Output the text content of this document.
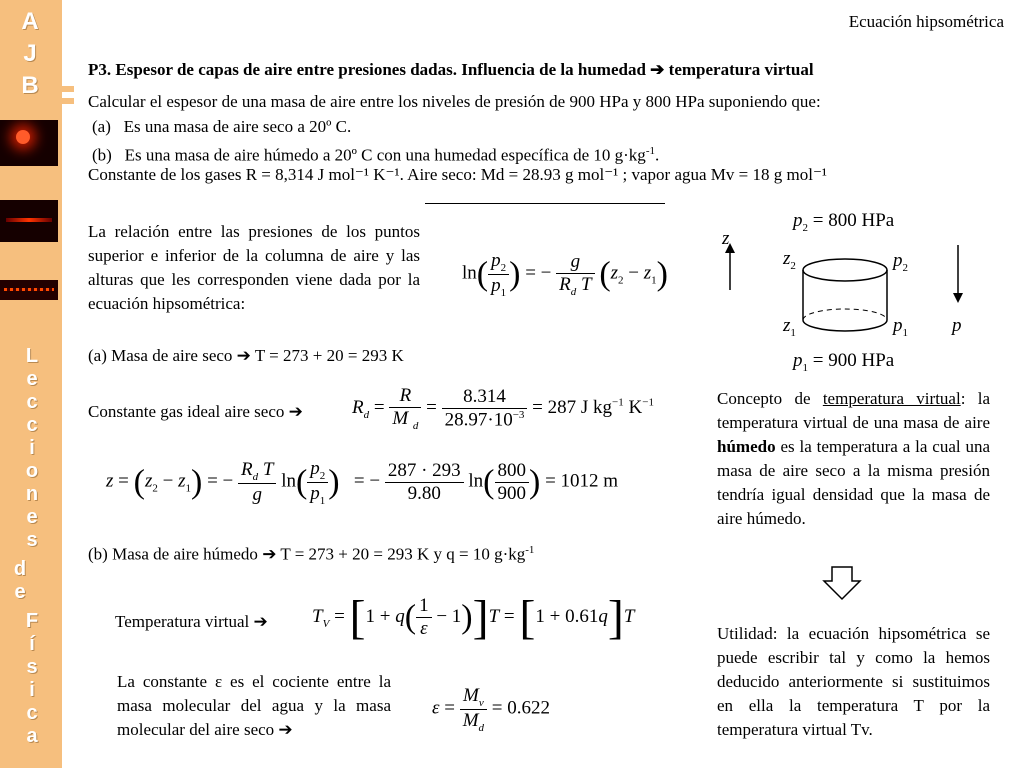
A
J
B
L
e
c
c
i
o
n
e
s
d
e
F
í
s
i
c
a
Ecuación hipsométrica
P3. Espesor de capas de aire entre presiones dadas. Influencia de la humedad ➔ temperatura virtual
Calcular el espesor de una masa de aire entre los niveles de presión de 900 HPa y 800 HPa suponiendo que:
(a) Es una masa de aire seco a 20º C.
(b) Es una masa de aire húmedo a 20º C con una humedad específica de 10 $g\cdot kg^{-1}$.
Constante de los gases R = 8,314 J mol⁻¹ K⁻¹. Aire seco: Md = 28.93 g mol⁻¹ ; vapor agua Mv = 18 g mol⁻¹
La relación entre las presiones de los puntos superior e inferior de la columna de aire y las alturas que les corresponden viene dada por la ecuación hipsométrica:
$\ln( \frac{p_2}{p_1}$ ) = − $\frac{g}{R_d T} (z_2 - z_1)$
$p_2 = 800$ HPa
$p_1 = 900$ HPa
z
p
$z_2$
$z_1$
$p_2$
$p_1$
(a) Masa de aire seco ➔ T = 273 + 20 = 293 K
Constante gas ideal aire seco ➔	$R_d = \frac{R}{M _d} = \frac{8.314}{28.97\cdot 10^{-3}} = 287$ J $kg^{-1}$ $K^{-1}$
$z = (z_2 - z_1)$ = − $\frac{R_d T}{g} \ln( \frac{p_2}{p_1}$ )   = − $\frac{287 \cdot 293}{9.80} \ln( \frac{800}{900}$ ) = 1012 m
(b) Masa de aire húmedo ➔ T = 273 + 20 = 293 K y q = 10 $g\cdot kg^{-1}$
Temperatura virtual ➔ $T_V = [1 + q( \frac{1}{\varepsilon} - 1)]T = [1 + 0.61q]T$
La constante ε es el cociente entre la masa molecular del agua y la masa molecular del aire seco ➔
$\varepsilon = \frac{M_v}{M_d} = 0.622$
Concepto de temperatura virtual: la temperatura virtual de una masa de aire húmedo es la temperatura a la cual una masa de aire seco a la misma presión tendría igual densidad que la masa de aire húmedo.
Utilidad: la ecuación hipsométrica se puede escribir tal y como la hemos deducido anteriormente si sustituimos en ella la temperatura T por la temperatura virtual Tv.
